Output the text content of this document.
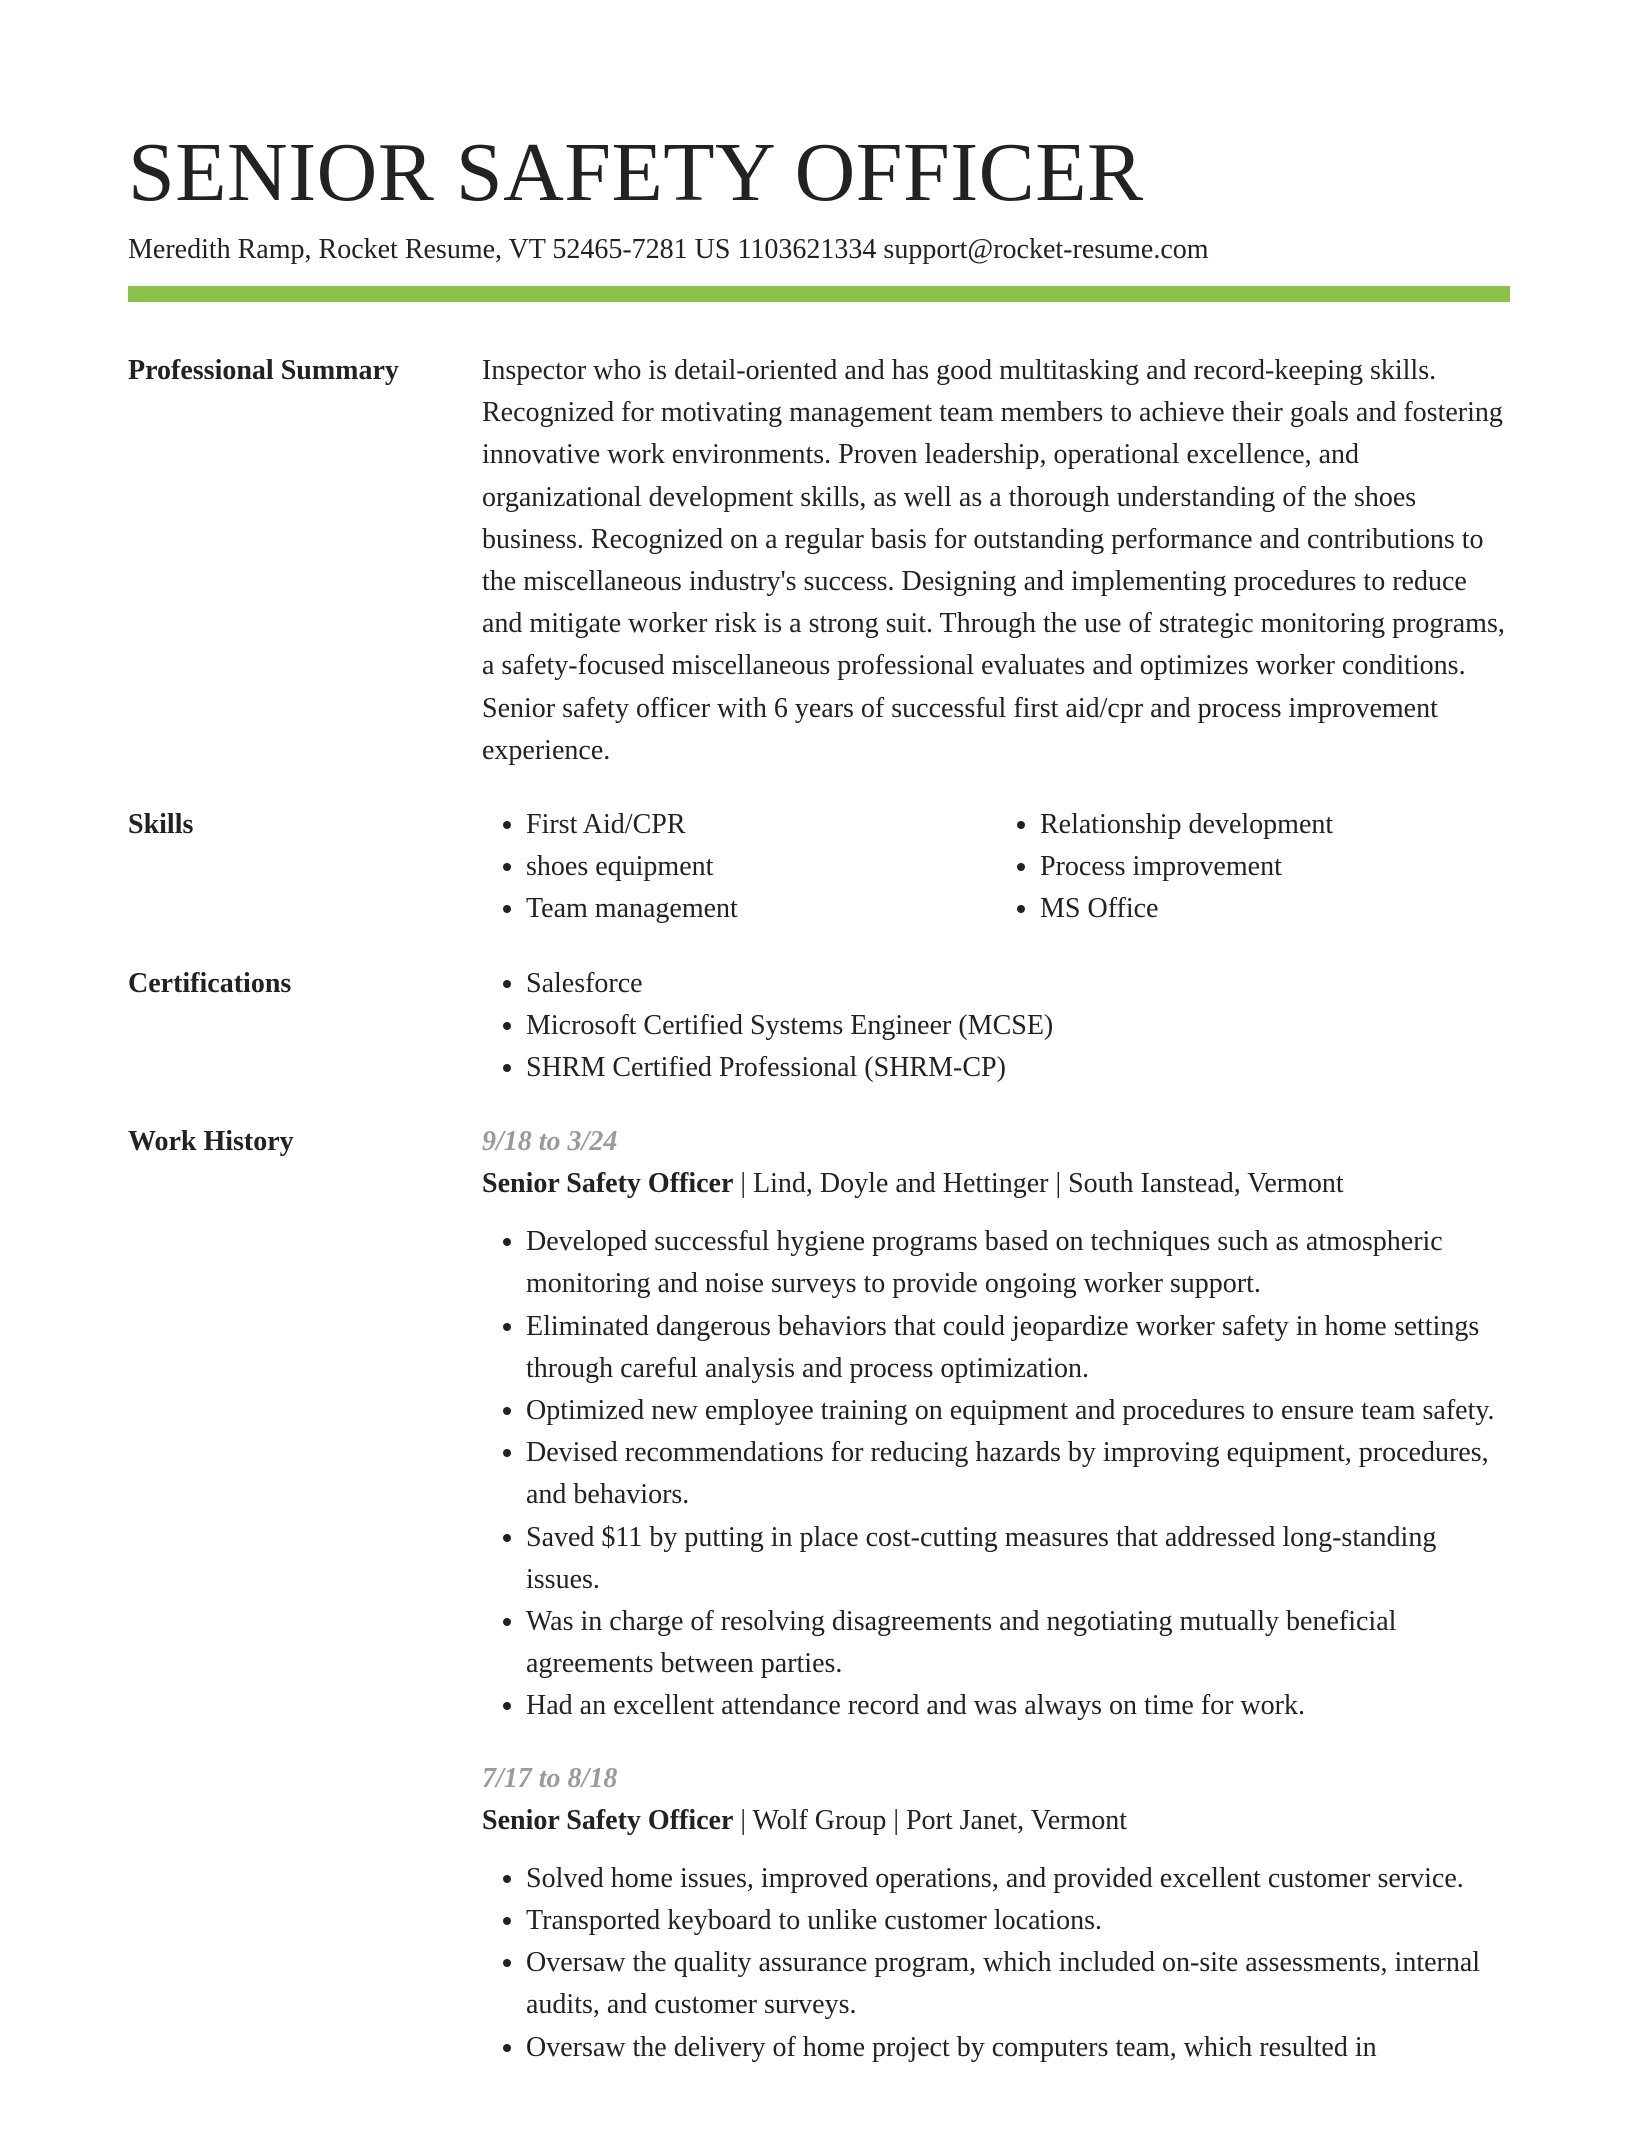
SENIOR SAFETY OFFICER
Meredith Ramp, Rocket Resume, VT 52465-7281 US 1103621334 support@rocket-resume.com
Professional Summary	Inspector who is detail-oriented and has good multitasking and record-keeping skills. Recognized for motivating management team members to achieve their goals and fostering innovative work environments. Proven leadership, operational excellence, and organizational development skills, as well as a thorough understanding of the shoes business. Recognized on a regular basis for outstanding performance and contributions to the miscellaneous industry's success. Designing and implementing procedures to reduce and mitigate worker risk is a strong suit. Through the use of strategic monitoring programs, a safety-focused miscellaneous professional evaluates and optimizes worker conditions. Senior safety officer with 6 years of successful first aid/cpr and process improvement experience.

Skills	• First Aid/CPR
• shoes equipment
• Team management
• Relationship development
• Process improvement
• MS Office
Certifications	• Salesforce
• Microsoft Certified Systems Engineer (MCSE)
• SHRM Certified Professional (SHRM-CP)
Work History	9/18 to 3/24
Senior Safety Officer | Lind, Doyle and Hettinger | South Ianstead, Vermont
• Developed successful hygiene programs based on techniques such as atmospheric monitoring and noise surveys to provide ongoing worker support.
• Eliminated dangerous behaviors that could jeopardize worker safety in home settings through careful analysis and process optimization.
• Optimized new employee training on equipment and procedures to ensure team safety.
• Devised recommendations for reducing hazards by improving equipment, procedures, and behaviors.
• Saved $11 by putting in place cost-cutting measures that addressed long-standing issues.
• Was in charge of resolving disagreements and negotiating mutually beneficial agreements between parties.
• Had an excellent attendance record and was always on time for work.
7/17 to 8/18
Senior Safety Officer | Wolf Group | Port Janet, Vermont
• Solved home issues, improved operations, and provided excellent customer service.
• Transported keyboard to unlike customer locations.
• Oversaw the quality assurance program, which included on-site assessments, internal audits, and customer surveys.
• Oversaw the delivery of home project by computers team, which resulted in
